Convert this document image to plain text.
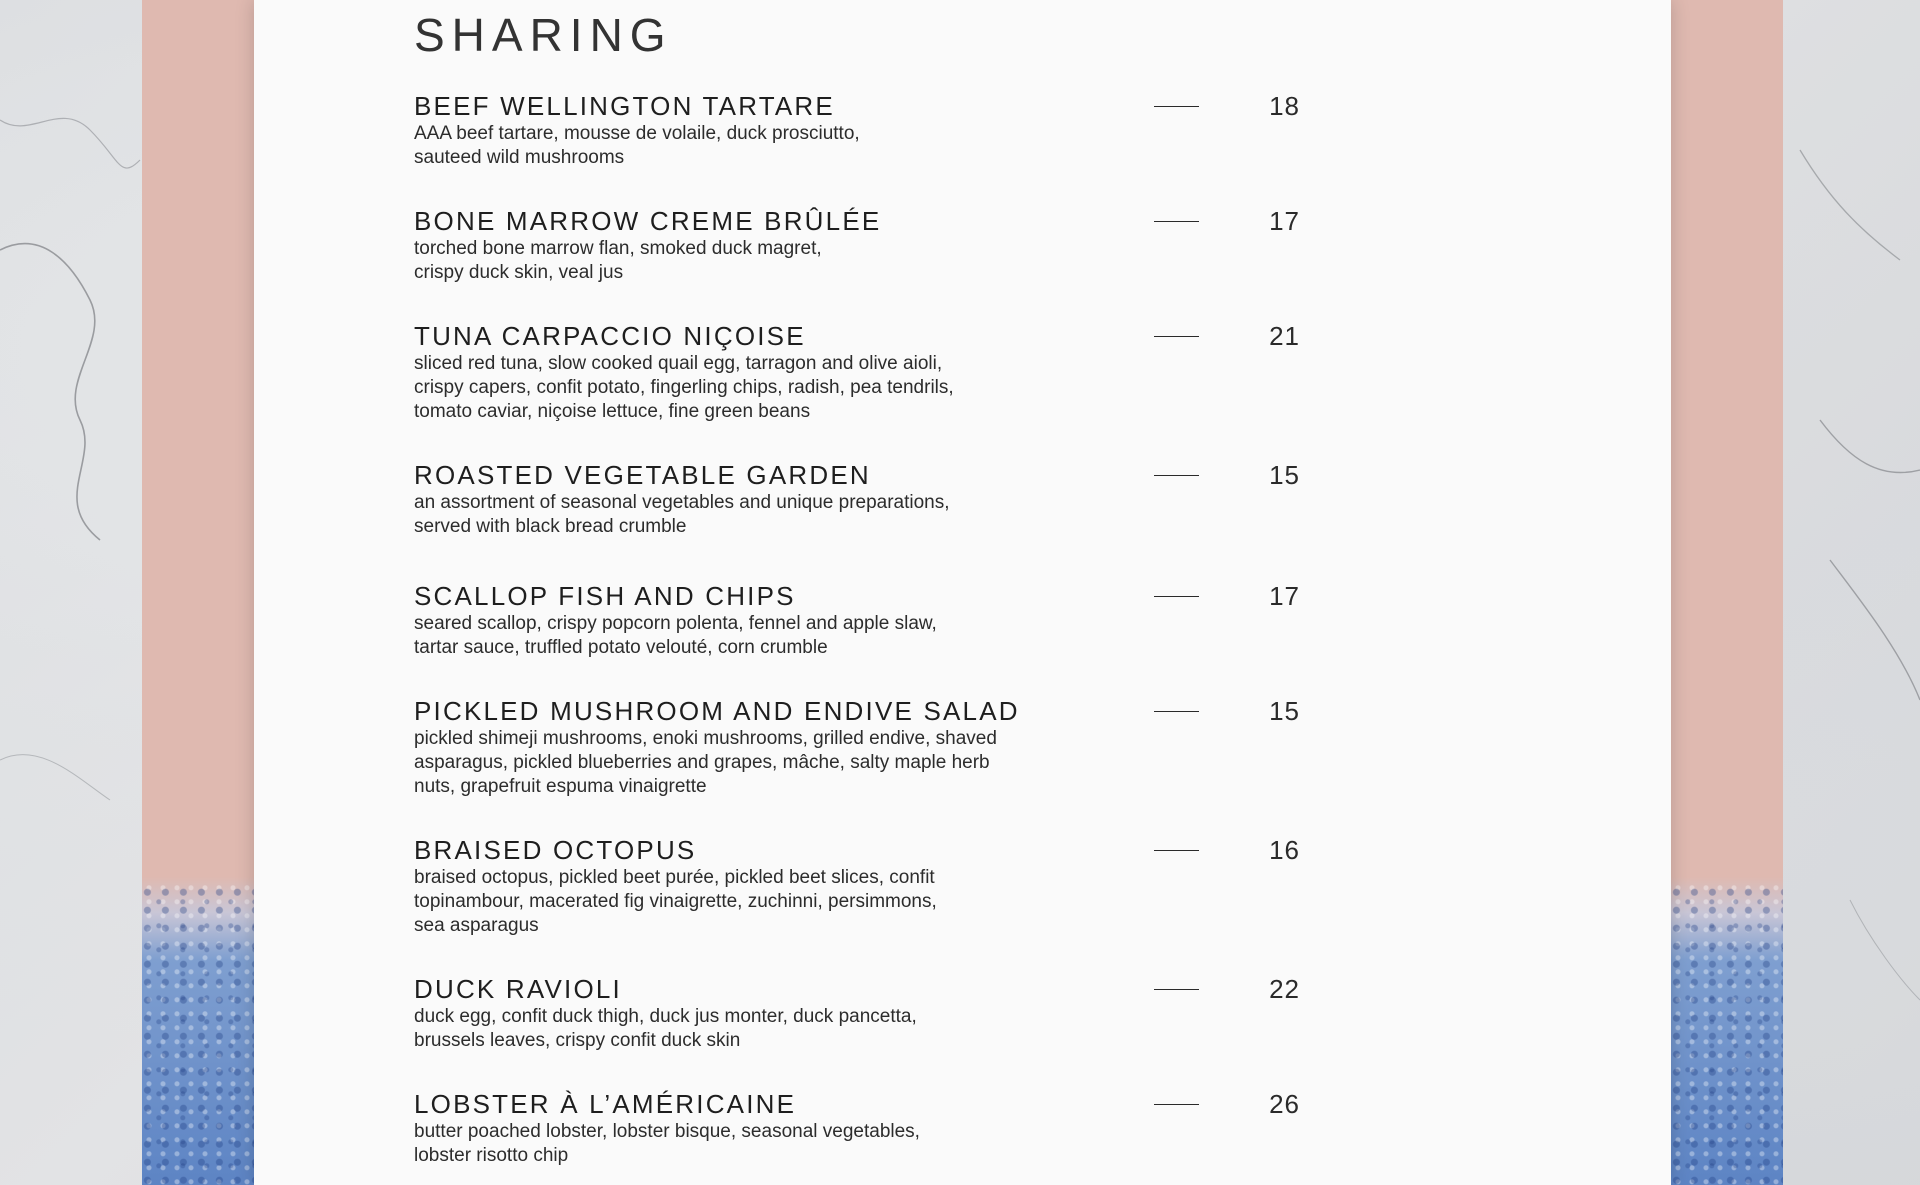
SHARING
BEEF WELLINGTON TARTARE
AAA beef tartare, mousse de volaile, duck prosciutto,
sauteed wild mushrooms
18
BONE MARROW CREME BRÛLÉE
torched bone marrow flan, smoked duck magret,
crispy duck skin, veal jus
17
TUNA CARPACCIO NIÇOISE
sliced red tuna, slow cooked quail egg, tarragon and olive aioli,
crispy capers, confit potato, fingerling chips, radish, pea tendrils,
tomato caviar, niçoise lettuce, fine green beans
21
ROASTED VEGETABLE GARDEN
an assortment of seasonal vegetables and unique preparations,
served with black bread crumble
15
SCALLOP FISH AND CHIPS
seared scallop, crispy popcorn polenta, fennel and apple slaw,
tartar sauce, truffled potato velouté, corn crumble
17
PICKLED MUSHROOM AND ENDIVE SALAD
pickled shimeji mushrooms, enoki mushrooms, grilled endive, shaved
asparagus, pickled blueberries and grapes, mâche, salty maple herb
nuts, grapefruit espuma vinaigrette
15
BRAISED OCTOPUS
braised octopus, pickled beet purée, pickled beet slices, confit
topinambour, macerated fig vinaigrette, zuchinni, persimmons,
sea asparagus
16
DUCK RAVIOLI
duck egg, confit duck thigh, duck jus monter, duck pancetta,
brussels leaves, crispy confit duck skin
22
LOBSTER À L’AMÉRICAINE
butter poached lobster, lobster bisque, seasonal vegetables,
lobster risotto chip
26
